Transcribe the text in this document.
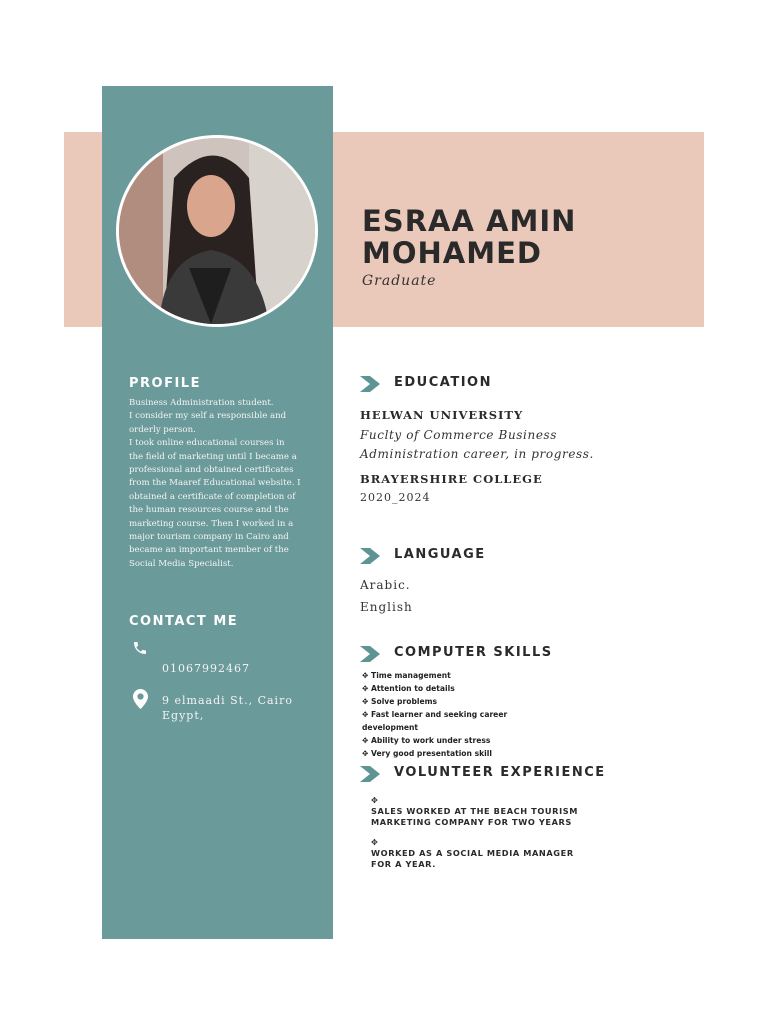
ESRAA AMIN
MOHAMED
Graduate
PROFILE

Business Administration student.
I consider my self a responsible and
orderly person.
I took online educational courses in
the field of marketing until I became a
professional and obtained certificates
from the Maaref Educational website. I
obtained a certificate of completion of
the human resources course and the
marketing course. Then I worked in a
major tourism company in Cairo and
became an important member of the
Social Media Specialist.

CONTACT ME

01067992467

9 elmaadi St., Cairo
Egypt,

EDUCATION

HELWAN UNIVERSITY

Fuclty of Commerce Business
Administration career, in progress.

BRAYERSHIRE COLLEGE

2020_2024

LANGUAGE

Arabic.

English

COMPUTER SKILLS
✥ Time management
✥ Attention to details
✥ Solve problems
✥ Fast learner and seeking career
development
✥ Ability to work under stress
✥ Very good presentation skill
VOLUNTEER EXPERIENCE

✥
SALES WORKED AT THE BEACH TOURISM
MARKETING COMPANY FOR TWO YEARS

✥
WORKED AS A SOCIAL MEDIA MANAGER
FOR A YEAR.
